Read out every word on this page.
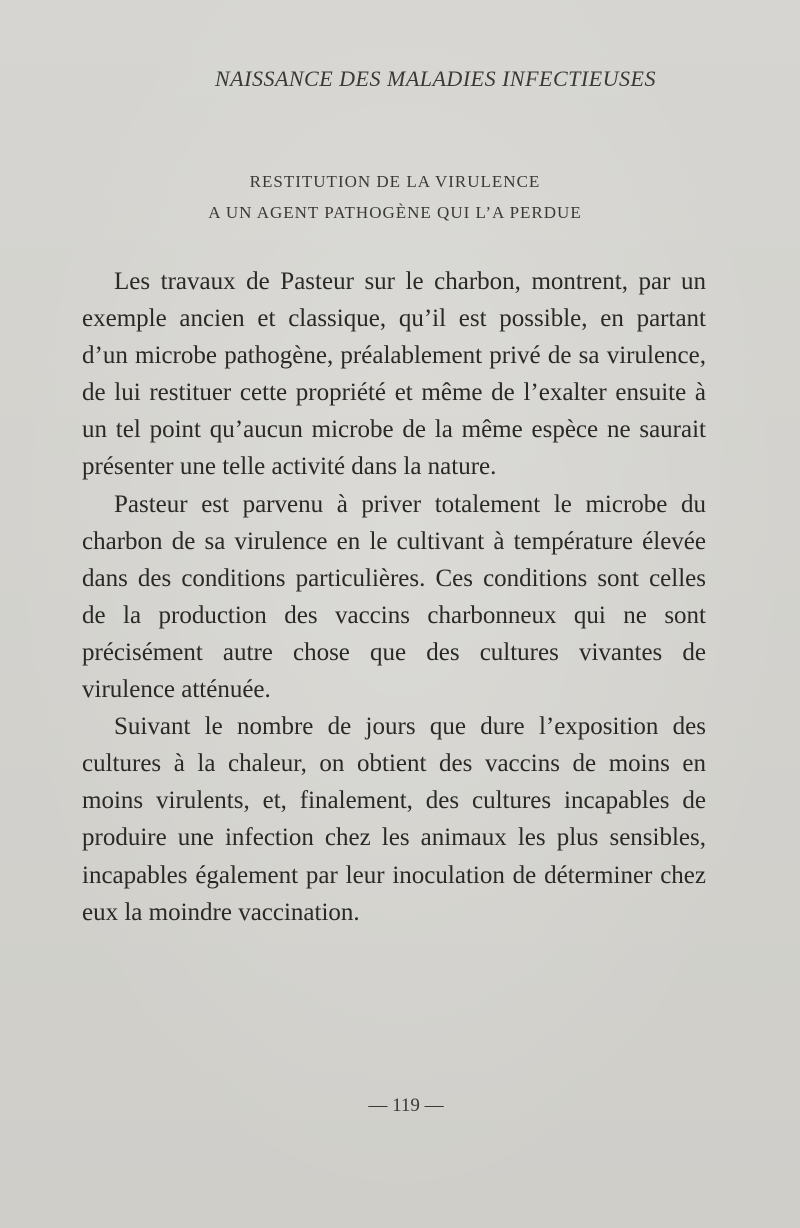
NAISSANCE DES MALADIES INFECTIEUSES
RESTITUTION DE LA VIRULENCE
A UN AGENT PATHOGÈNE QUI L’A PERDUE

Les travaux de Pasteur sur le charbon, montrent, par un exemple ancien et classique, qu’il est possible, en partant d’un microbe pathogène, préalablement privé de sa virulence, de lui restituer cette propriété et même de l’exalter ensuite à un tel point qu’aucun microbe de la même espèce ne saurait présenter une telle activité dans la nature.

Pasteur est parvenu à priver totalement le microbe du charbon de sa virulence en le cultivant à température élevée dans des conditions particulières. Ces conditions sont celles de la production des vaccins charbonneux qui ne sont précisément autre chose que des cultures vivantes de virulence atténuée.

Suivant le nombre de jours que dure l’exposition des cultures à la chaleur, on obtient des vaccins de moins en moins virulents, et, finalement, des cultures incapables de produire une infection chez les animaux les plus sensibles, incapables également par leur inoculation de déterminer chez eux la moindre vaccination.

— 119 —
